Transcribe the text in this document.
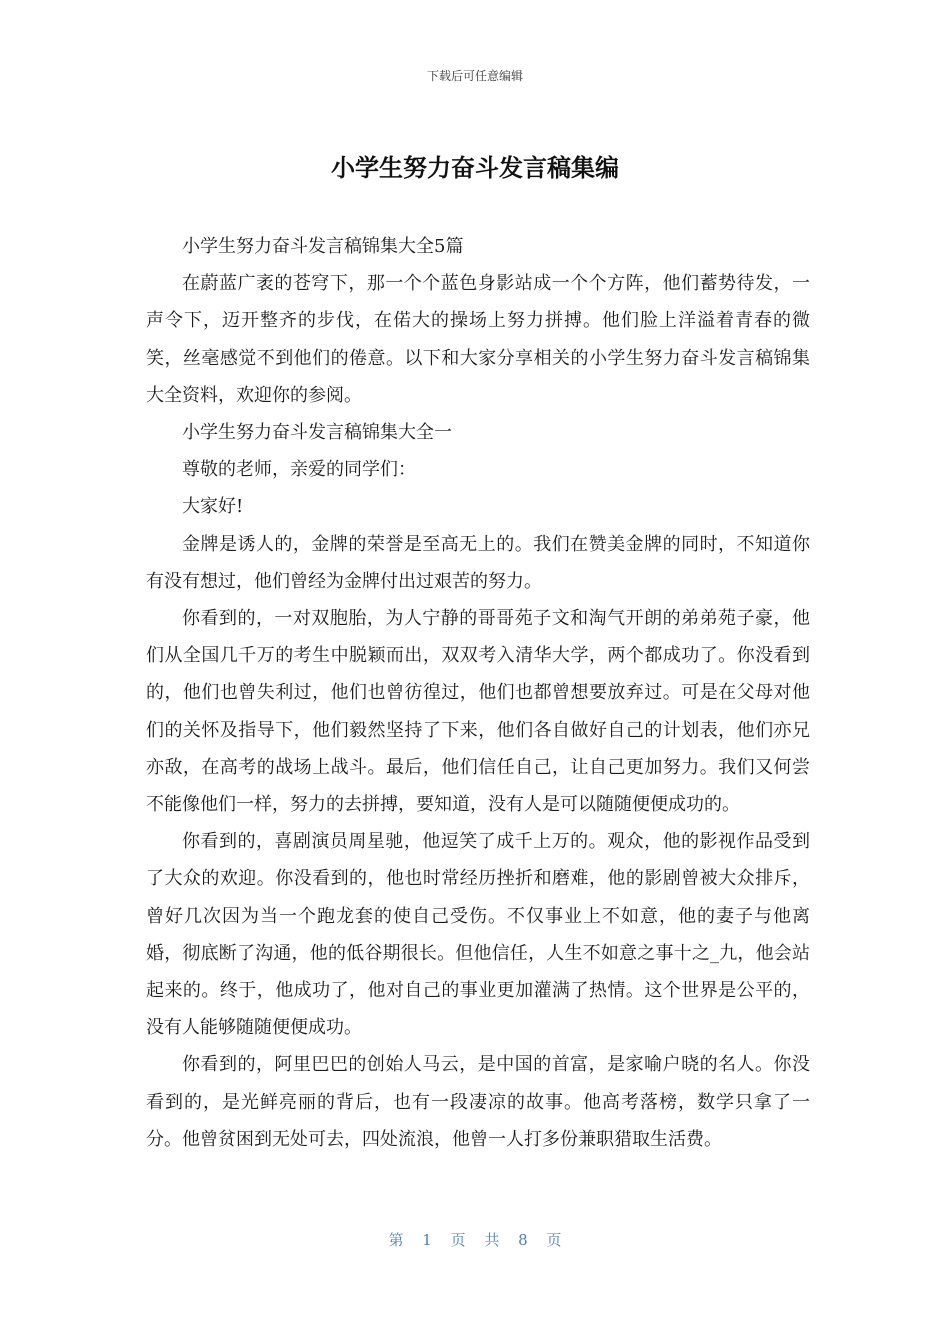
下载后可任意编辑
小学生努力奋斗发言稿集编

小学生努力奋斗发言稿锦集大全5篇

在蔚蓝广袤的苍穹下，那一个个蓝色身影站成一个个方阵，他们蓄势待发，一声令下，迈开整齐的步伐，在偌大的操场上努力拼搏。他们脸上洋溢着青春的微笑，丝毫感觉不到他们的倦意。以下和大家分享相关的小学生努力奋斗发言稿锦集大全资料，欢迎你的参阅。

小学生努力奋斗发言稿锦集大全一

尊敬的老师，亲爱的同学们：

大家好!

金牌是诱人的，金牌的荣誉是至高无上的。我们在赞美金牌的同时，不知道你有没有想过，他们曾经为金牌付出过艰苦的努力。

你看到的，一对双胞胎，为人宁静的哥哥苑子文和淘气开朗的弟弟苑子豪，他们从全国几千万的考生中脱颖而出，双双考入清华大学，两个都成功了。你没看到的，他们也曾失利过，他们也曾彷徨过，他们也都曾想要放弃过。可是在父母对他们的关怀及指导下，他们毅然坚持了下来，他们各自做好自己的计划表，他们亦兄亦敌，在高考的战场上战斗。最后，他们信任自己，让自己更加努力。我们又何尝不能像他们一样，努力的去拼搏，要知道，没有人是可以随随便便成功的。

你看到的，喜剧演员周星驰，他逗笑了成千上万的。观众，他的影视作品受到了大众的欢迎。你没看到的，他也时常经历挫折和磨难，他的影剧曾被大众排斥，曾好几次因为当一个跑龙套的使自己受伤。不仅事业上不如意，他的妻子与他离婚，彻底断了沟通，他的低谷期很长。但他信任，人生不如意之事十之_九，他会站起来的。终于，他成功了，他对自己的事业更加灌满了热情。这个世界是公平的，没有人能够随随便便成功。

你看到的，阿里巴巴的创始人马云，是中国的首富，是家喻户晓的名人。你没看到的，是光鲜亮丽的背后，也有一段凄凉的故事。他高考落榜，数学只拿了一分。他曾贫困到无处可去，四处流浪，他曾一人打多份兼职猎取生活费。

第 1 页 共 8 页
